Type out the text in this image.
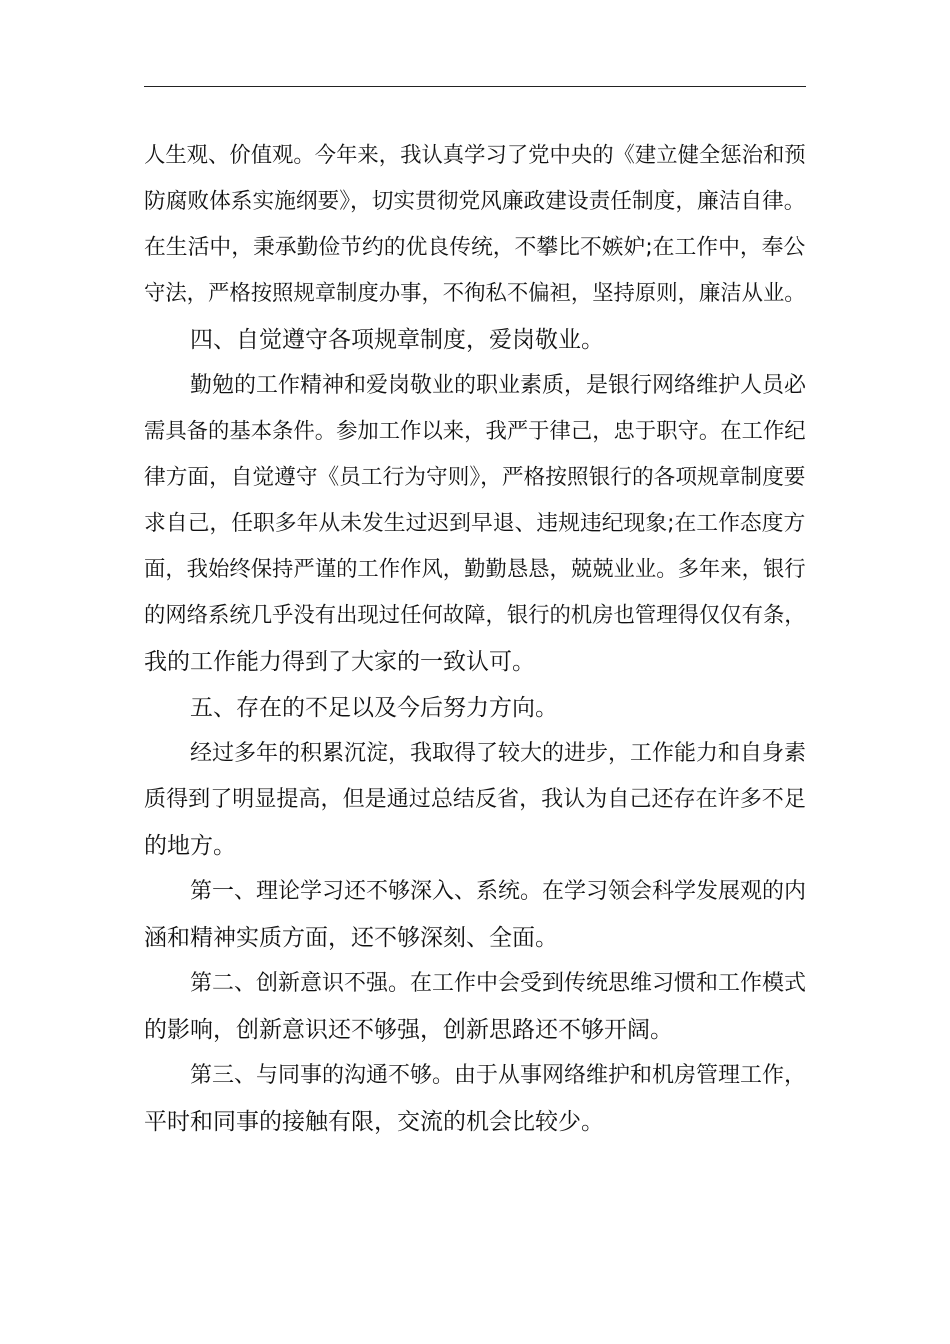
人生观、价值观。今年来，我认真学习了党中央的《建立健全惩治和预
防腐败体系实施纲要》，切实贯彻党风廉政建设责任制度，廉洁自律。
在生活中，秉承勤俭节约的优良传统，不攀比不嫉妒;在工作中，奉公
守法，严格按照规章制度办事，不徇私不偏袒，坚持原则，廉洁从业。
四、自觉遵守各项规章制度，爱岗敬业。
勤勉的工作精神和爱岗敬业的职业素质，是银行网络维护人员必
需具备的基本条件。参加工作以来，我严于律己，忠于职守。在工作纪
律方面，自觉遵守《员工行为守则》，严格按照银行的各项规章制度要
求自己，任职多年从未发生过迟到早退、违规违纪现象;在工作态度方
面，我始终保持严谨的工作作风，勤勤恳恳，兢兢业业。多年来，银行
的网络系统几乎没有出现过任何故障，银行的机房也管理得仅仅有条，
我的工作能力得到了大家的一致认可。
五、存在的不足以及今后努力方向。
经过多年的积累沉淀，我取得了较大的进步，工作能力和自身素
质得到了明显提高，但是通过总结反省，我认为自己还存在许多不足
的地方。
第一、理论学习还不够深入、系统。在学习领会科学发展观的内
涵和精神实质方面，还不够深刻、全面。
第二、创新意识不强。在工作中会受到传统思维习惯和工作模式
的影响，创新意识还不够强，创新思路还不够开阔。
第三、与同事的沟通不够。由于从事网络维护和机房管理工作，
平时和同事的接触有限，交流的机会比较少。
